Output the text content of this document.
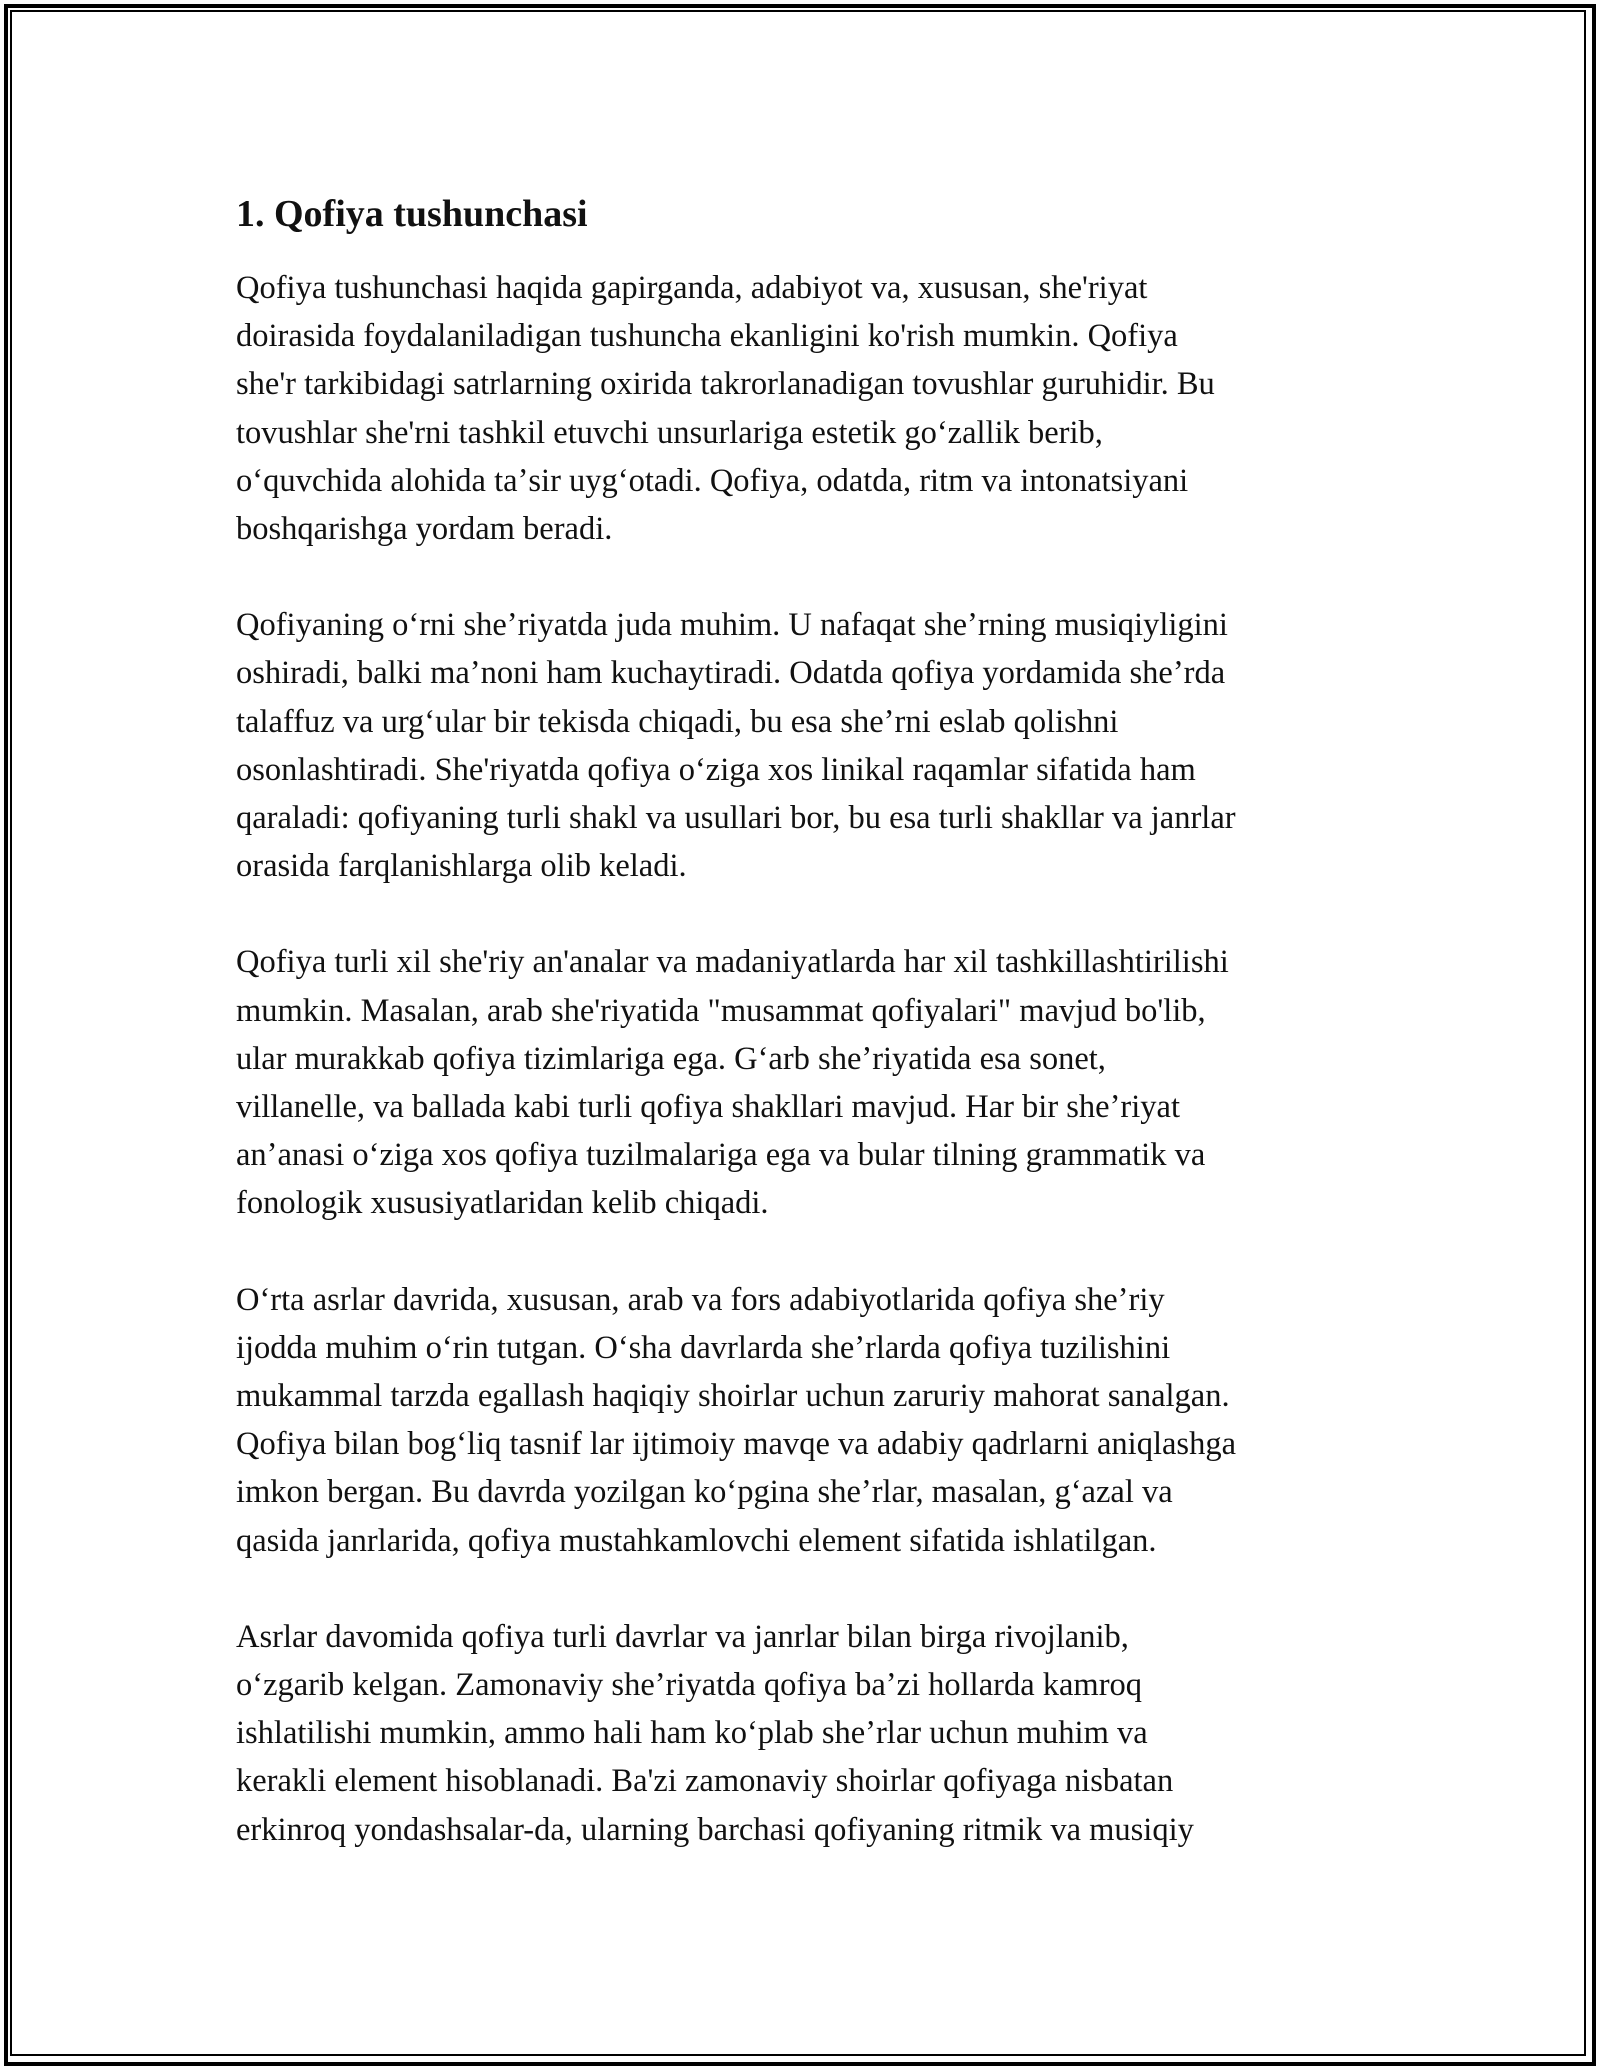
1. Qofiya tushunchasi

Qofiya tushunchasi haqida gapirganda, adabiyot va, xususan, she'riyat
doirasida foydalaniladigan tushuncha ekanligini ko'rish mumkin. Qofiya
she'r tarkibidagi satrlarning oxirida takrorlanadigan tovushlar guruhidir. Bu
tovushlar she'rni tashkil etuvchi unsurlariga estetik goʻzallik berib,
oʻquvchida alohida taʼsir uygʻotadi. Qofiya, odatda, ritm va intonatsiyani
boshqarishga yordam beradi.

Qofiyaning oʻrni sheʼriyatda juda muhim. U nafaqat sheʼrning musiqiyligini
oshiradi, balki maʼnoni ham kuchaytiradi. Odatda qofiya yordamida sheʼrda
talaffuz va urgʻular bir tekisda chiqadi, bu esa sheʼrni eslab qolishni
osonlashtiradi. She'riyatda qofiya oʻziga xos linikal raqamlar sifatida ham
qaraladi: qofiyaning turli shakl va usullari bor, bu esa turli shakllar va janrlar
orasida farqlanishlarga olib keladi.

Qofiya turli xil she'riy an'analar va madaniyatlarda har xil tashkillashtirilishi
mumkin. Masalan, arab she'riyatida "musammat qofiyalari" mavjud bo'lib,
ular murakkab qofiya tizimlariga ega. Gʻarb sheʼriyatida esa sonet,
villanelle, va ballada kabi turli qofiya shakllari mavjud. Har bir sheʼriyat
anʼanasi oʻziga xos qofiya tuzilmalariga ega va bular tilning grammatik va
fonologik xususiyatlaridan kelib chiqadi.

Oʻrta asrlar davrida, xususan, arab va fors adabiyotlarida qofiya sheʼriy
ijodda muhim oʻrin tutgan. Oʻsha davrlarda sheʼrlarda qofiya tuzilishini
mukammal tarzda egallash haqiqiy shoirlar uchun zaruriy mahorat sanalgan.
Qofiya bilan bogʻliq tasnif lar ijtimoiy mavqe va adabiy qadrlarni aniqlashga
imkon bergan. Bu davrda yozilgan koʻpgina sheʼrlar, masalan, gʻazal va
qasida janrlarida, qofiya mustahkamlovchi element sifatida ishlatilgan.

Asrlar davomida qofiya turli davrlar va janrlar bilan birga rivojlanib,
oʻzgarib kelgan. Zamonaviy sheʼriyatda qofiya baʼzi hollarda kamroq
ishlatilishi mumkin, ammo hali ham koʻplab sheʼrlar uchun muhim va
kerakli element hisoblanadi. Ba'zi zamonaviy shoirlar qofiyaga nisbatan
erkinroq yondashsalar-da, ularning barchasi qofiyaning ritmik va musiqiy
